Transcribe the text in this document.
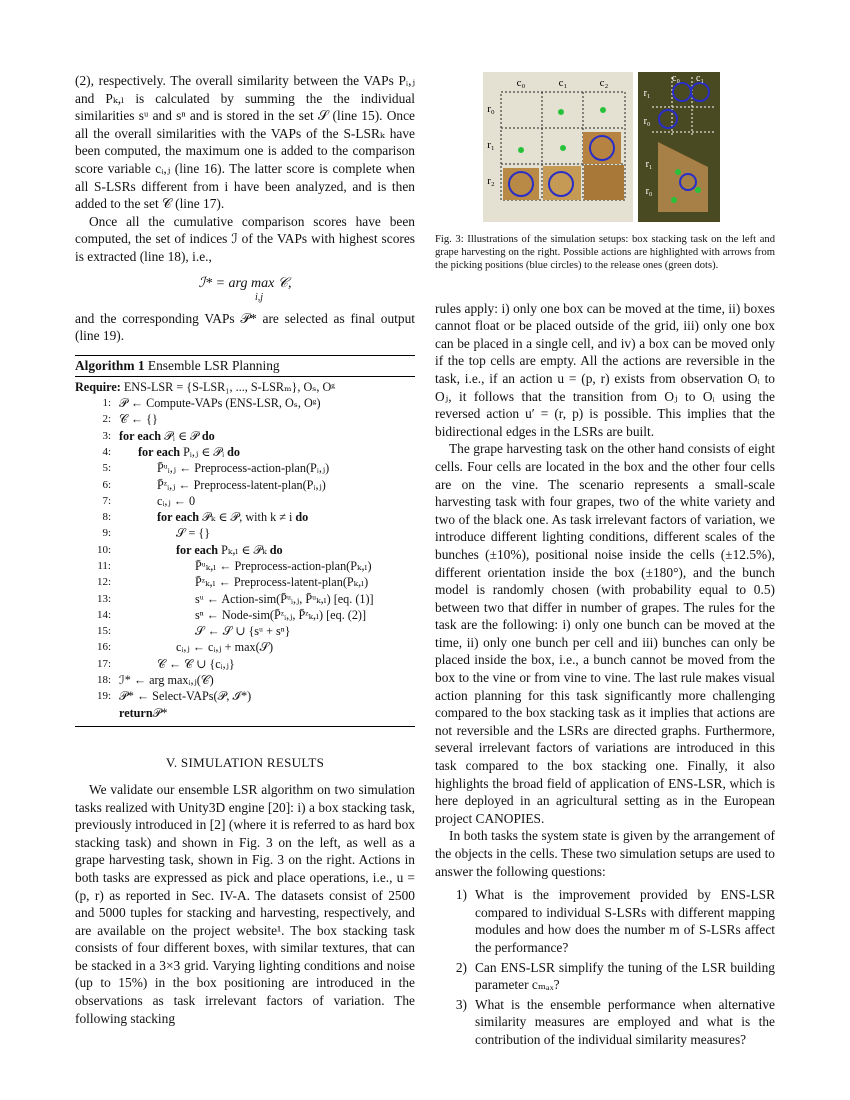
(2), respectively. The overall similarity between the VAPs Pᵢ,ⱼ and Pₖ,ₗ is calculated by summing the the individual similarities sᵘ and sⁿ and is stored in the set 𝒮 (line 15). Once all the overall similarities with the VAPs of the S-LSRₖ have been computed, the maximum one is added to the comparison score variable cᵢ,ⱼ (line 16). The latter score is complete when all S-LSRs different from i have been analyzed, and is then added to the set 𝒞 (line 17).

Once all the cumulative comparison scores have been computed, the set of indices ℐ of the VAPs with highest scores is extracted (line 18), i.e.,

ℐ* = arg max 𝒞,
i,j

and the corresponding VAPs 𝒫* are selected as final output (line 19).

Algorithm 1 Ensemble LSR Planning
Require:
ENS-LSR = {S-LSR₁, ..., S-LSRₘ}, Oₛ, Oᵍ
1: 𝒫 ← Compute-VAPs (ENS-LSR, Oₛ, Oᵍ)
2: 𝒞 ← {}
3: for each 𝒫ᵢ ∈ 𝒫 do
4:	for each Pᵢ,ⱼ ∈ 𝒫ᵢ do
5:	P̄ᵘᵢ,ⱼ ← Preprocess-action-plan(Pᵢ,ⱼ)
6:	P̄ᶻᵢ,ⱼ ← Preprocess-latent-plan(Pᵢ,ⱼ)
7:	cᵢ,ⱼ ← 0
8:	for each 𝒫ₖ ∈ 𝒫, with k ≠ i do
9:	𝒮 = {}
10:	for each Pₖ,ₗ ∈ 𝒫ₖ do
11:	P̄ᵘₖ,ₗ ← Preprocess-action-plan(Pₖ,ₗ)
12:	P̄ᶻₖ,ₗ ← Preprocess-latent-plan(Pₖ,ₗ)
13:	sᵘ ← Action-sim(P̄ᵘᵢ,ⱼ, P̄ᵘₖ,ₗ) [eq. (1)]
14:	sⁿ ← Node-sim(P̄ᶻᵢ,ⱼ, P̄ᶻₖ,ₗ) [eq. (2)]
15:	𝒮 ← 𝒮 ∪ {sᵘ + sⁿ}
16:	cᵢ,ⱼ ← cᵢ,ⱼ + max(𝒮)
17:	𝒞 ← 𝒞 ∪ {cᵢ,ⱼ}
18: ℐ* ← arg maxᵢ,ⱼ(𝒞)
19: 𝒫* ← Select-VAPs(𝒫, ℐ*)
return 𝒫*
V. SIMULATION RESULTS

We validate our ensemble LSR algorithm on two simulation tasks realized with Unity3D engine [20]: i) a box stacking task, previously introduced in [2] (where it is referred to as hard box stacking task) and shown in Fig. 3 on the left, as well as a grape harvesting task, shown in Fig. 3 on the right. Actions in both tasks are expressed as pick and place operations, i.e., u = (p, r) as reported in Sec. IV-A. The datasets consist of 2500 and 5000 tuples for stacking and harvesting, respectively, and are available on the project website¹. The box stacking task consists of four different boxes, with similar textures, that can be stacked in a 3×3 grid. Varying lighting conditions and noise (up to 15%) in the box positioning are introduced in the observations as task irrelevant factors of variation. The following stacking

c₀	c₁	c₂
r₀
r₁
r₂
c₀ c₁
r₁
r₀
r₁
r₀

Fig. 3: Illustrations of the simulation setups: box stacking task on the left and grape harvesting on the right. Possible actions are highlighted with arrows from the picking positions (blue circles) to the release ones (green dots).

rules apply: i) only one box can be moved at the time, ii) boxes cannot float or be placed outside of the grid, iii) only one box can be placed in a single cell, and iv) a box can be moved only if the top cells are empty. All the actions are reversible in the task, i.e., if an action u = (p, r) exists from observation Oᵢ to Oⱼ, it follows that the transition from Oⱼ to Oᵢ using the reversed action u′ = (r, p) is possible. This implies that the bidirectional edges in the LSRs are built.

The grape harvesting task on the other hand consists of eight cells. Four cells are located in the box and the other four cells are on the vine. The scenario represents a small-scale harvesting task with four grapes, two of the white variety and two of the black one. As task irrelevant factors of variation, we introduce different lighting conditions, different scales of the bunches (±10%), positional noise inside the cells (±12.5%), different orientation inside the box (±180°), and the bunch model is randomly chosen (with probability equal to 0.5) between two that differ in number of grapes. The rules for the task are the following: i) only one bunch can be moved at the time, ii) only one bunch per cell and iii) bunches can only be placed inside the box, i.e., a bunch cannot be moved from the box to the vine or from vine to vine. The last rule makes visual action planning for this task significantly more challenging compared to the box stacking task as it implies that actions are not reversible and the LSRs are directed graphs. Furthermore, several irrelevant factors of variations are introduced in this task compared to the box stacking one. Finally, it also highlights the broad field of application of ENS-LSR, which is here deployed in an agricultural setting as in the European project CANOPIES.

In both tasks the system state is given by the arrangement of the objects in the cells. These two simulation setups are used to answer the following questions:

1) What is the improvement provided by ENS-LSR compared to individual S-LSRs with different mapping modules and how does the number m of S-LSRs affect the performance?
2) Can ENS-LSR simplify the tuning of the LSR building parameter cₘₐₓ?
3) What is the ensemble performance when alternative similarity measures are employed and what is the contribution of the individual similarity measures?
